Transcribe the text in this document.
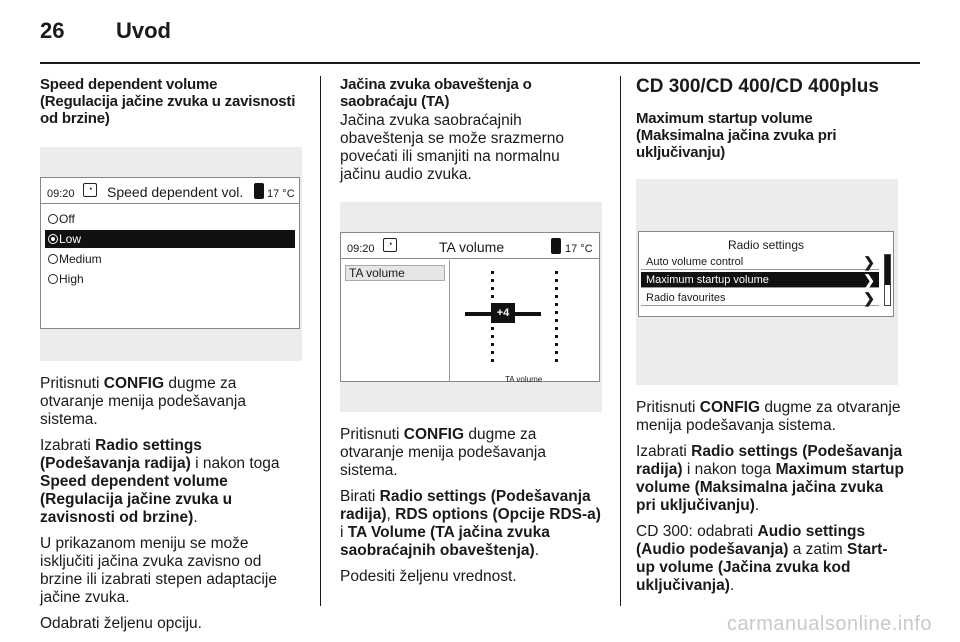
26 Uvod
Speed dependent volume
(Regulacija jačine zvuka u zavisnosti od brzine)
09:20	◔	Speed dependent vol. 17 °C
Off
Low
Medium
High

Pritisnuti CONFIG dugme za otvaranje menija podešavanja sistema.

Izabrati Radio settings (Podešavanja radija) i nakon toga Speed dependent volume (Regulacija jačine zvuka u zavisnosti od brzine).

U prikazanom meniju se može isključiti jačina zvuka zavisno od brzine ili izabrati stepen adaptacije jačine zvuka.

Odabrati željenu opciju.

Jačina zvuka obaveštenja o saobraćaju (TA)

Jačina zvuka saobraćajnih obaveštenja se može srazmerno povećati ili smanjiti na normalnu jačinu audio zvuka.

09:20	◔	TA volume	17 °C
TA volume
+4
TA volume

Pritisnuti CONFIG dugme za otvaranje menija podešavanja sistema.

Birati Radio settings (Podešavanja radija), RDS options (Opcije RDS-a) i TA Volume (TA jačina zvuka saobraćajnih obaveštenja).

Podesiti željenu vrednost.

CD 300/CD 400/CD 400plus
Maximum startup volume
(Maksimalna jačina zvuka pri uključivanju)
Radio settings
Auto volume control	❯
Maximum startup volume	❯
Radio favourites	❯

Pritisnuti CONFIG dugme za otvaranje menija podešavanja sistema.

Izabrati Radio settings (Podešavanja radija) i nakon toga Maximum startup volume (Maksimalna jačina zvuka pri uključivanju).

CD 300: odabrati Audio settings (Audio podešavanja) a zatim Start-up volume (Jačina zvuka kod uključivanja).

carmanualsonline.info
